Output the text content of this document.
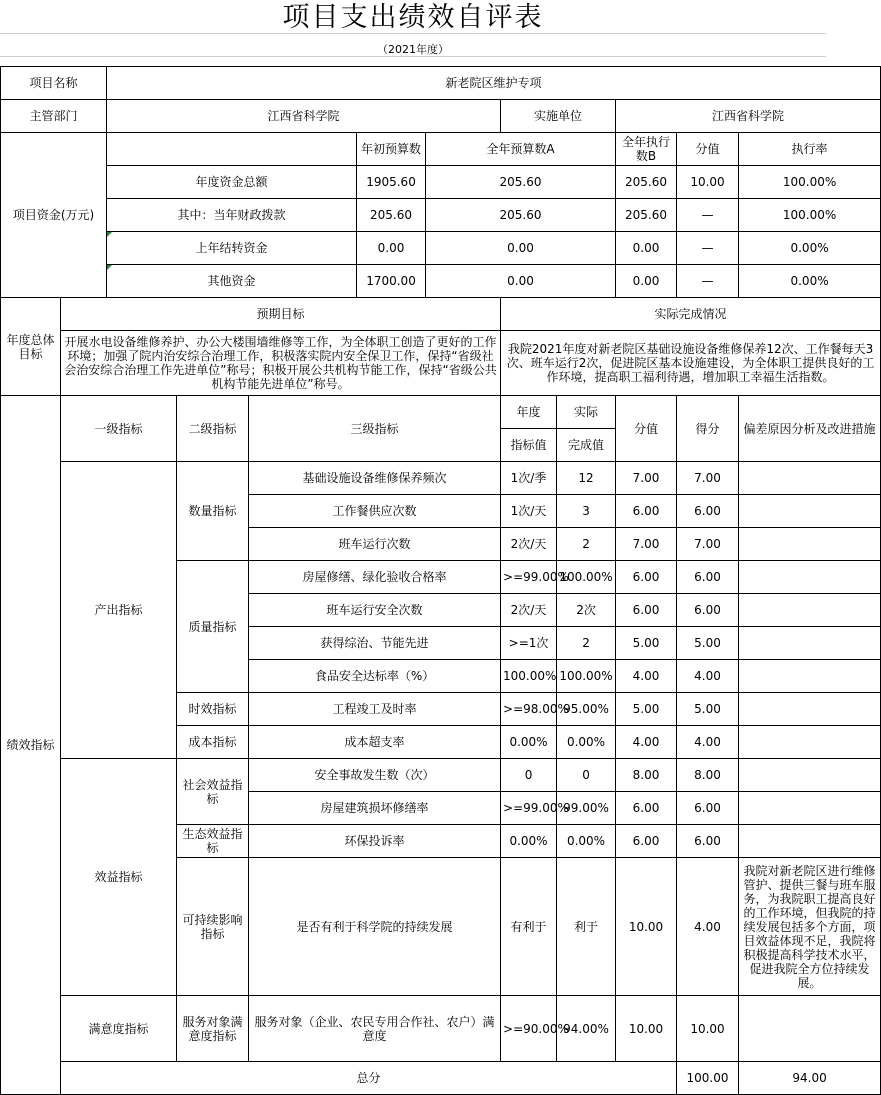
项目支出绩效自评表
（2021年度）
项目名称		新老院区维护专项										
主管部门		江西省科学院					实施单位		江西省科学院			
项目资金(万元)					年初预算数	全年预算数A			全年执行数B	分值	执行率	
		年度资金总额			1905.60	205.60			205.60	10.00	100.00%	
		其中：当年财政拨款			205.60	205.60			205.60	—	100.00%	
		上年结转资金			0.00	0.00			0.00	—	0.00%	
		其他资金			1700.00	0.00			0.00	—	0.00%	
年度总体目标	预期目标						实际完成情况					
	开展水电设备维修养护、办公大楼围墙维修等工作，为全体职工创造了更好的工作环境；加强了院内治安综合治理工作，积极落实院内安全保卫工作，保持“省级社会治安综合治理工作先进单位”称号；积极开展公共机构节能工作，保持“省级公共机构节能先进单位”称号。						我院2021年度对新老院区基础设施设备维修保养12次、工作餐每天3次、班车运行2次，促进院区基本设施建设，为全体职工提供良好的工作环境，提高职工福利待遇，增加职工幸福生活指数。					
绩效指标	一级指标		二级指标	三级指标			年度	实际	分值	得分	偏差原因分析及改进措施	
							指标值	完成值				
	产出指标		数量指标	基础设施设备维修保养频次			1次/季	12	7.00	7.00		
				工作餐供应次数			1次/天	3	6.00	6.00		
				班车运行次数			2次/天	2	7.00	7.00		
			质量指标	房屋修缮、绿化验收合格率			>=99.00%	100.00%	6.00	6.00		
				班车运行安全次数			2次/天	2次	6.00	6.00		
				获得综治、节能先进			>=1次	2	5.00	5.00		
				食品安全达标率（%）			100.00%	100.00%	4.00	4.00		
			时效指标	工程竣工及时率			>=98.00%	95.00%	5.00	5.00		
			成本指标	成本超支率			0.00%	0.00%	4.00	4.00		
	效益指标		社会效益指标	安全事故发生数（次）			0	0	8.00	8.00		
				房屋建筑损坏修缮率			>=99.00%	99.00%	6.00	6.00		
			生态效益指标	环保投诉率			0.00%	0.00%	6.00	6.00		
			可持续影响指标	是否有利于科学院的持续发展			有利于	利于	10.00	4.00	我院对新老院区进行维修管护、提供三餐与班车服务，为我院职工提高良好的工作环境，但我院的持续发展包括多个方面，项目效益体现不足，我院将积极提高科学技术水平，促进我院全方位持续发展。	
	满意度指标		服务对象满意度指标	服务对象（企业、农民专用合作社、农户）满意度			>=90.00%	94.00%	10.00	10.00		
	总分									100.00	94.00	
